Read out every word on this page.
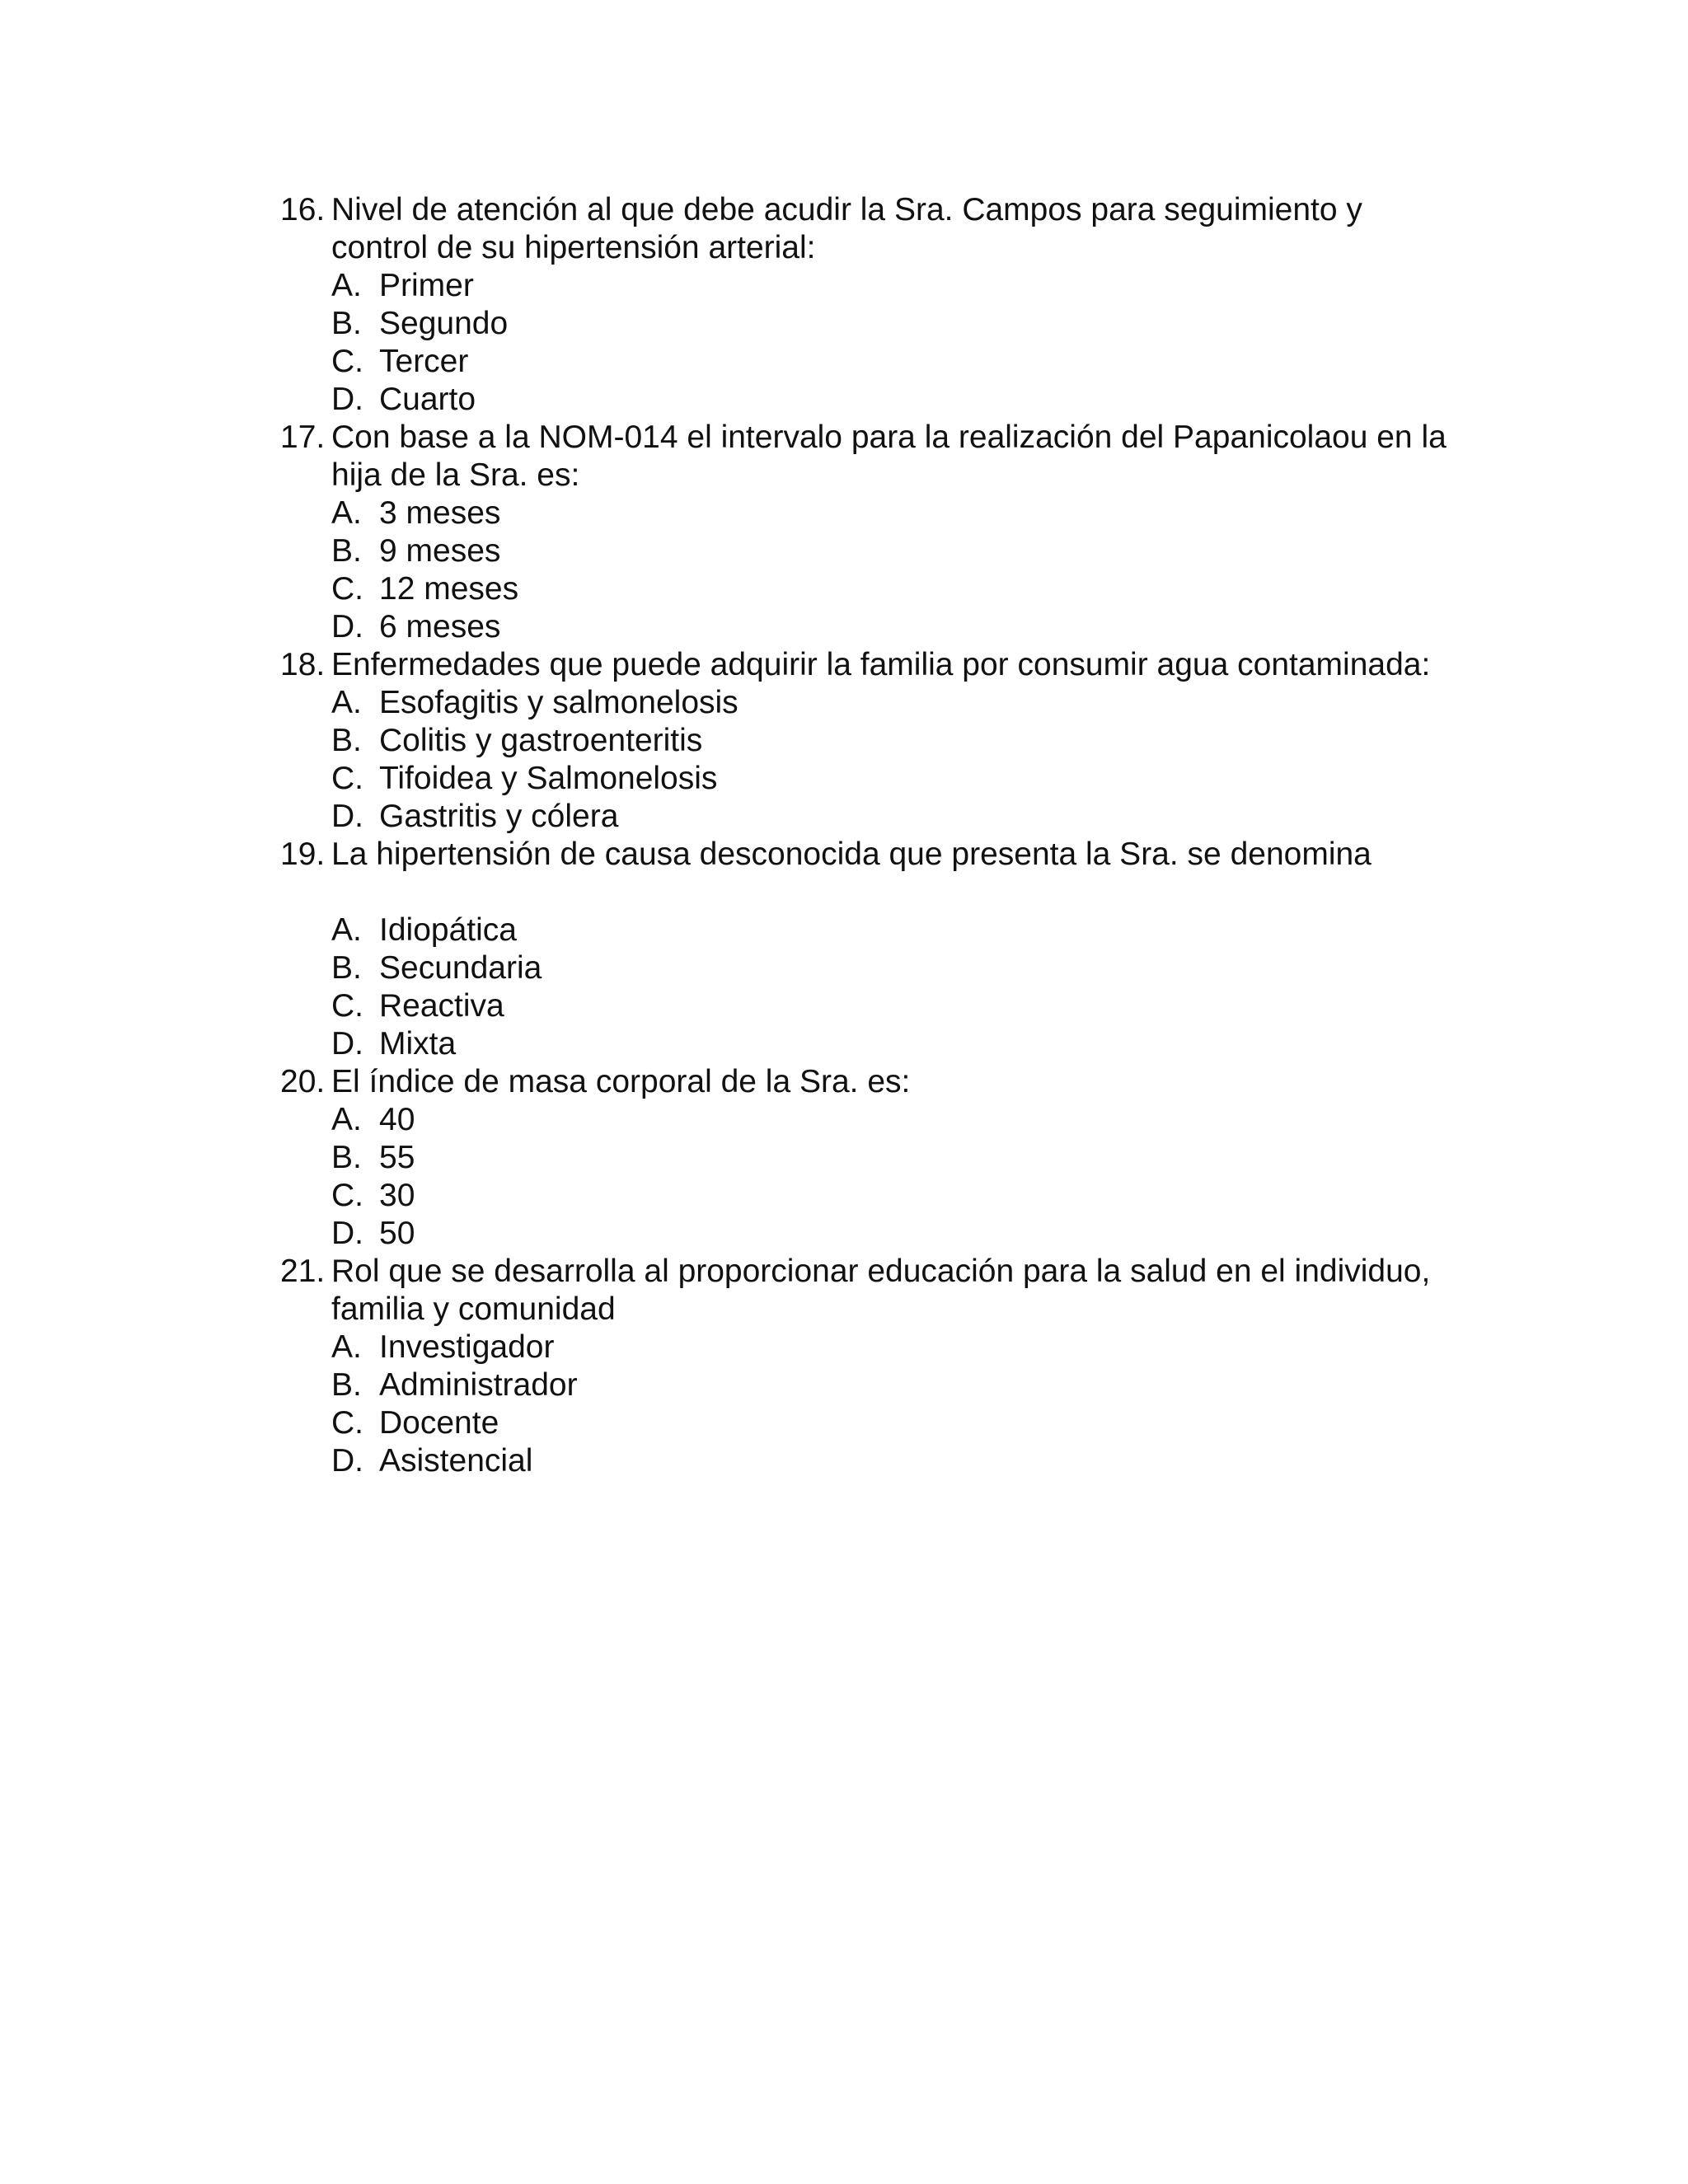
16. Nivel de atención al que debe acudir la Sra. Campos para seguimiento y control de su hipertensión arterial:
A. Primer
B. Segundo
C. Tercer
D. Cuarto
17. Con base a la NOM-014 el intervalo para la realización del Papanicolaou en la hija de la Sra. es:
A. 3 meses
B. 9 meses
C. 12 meses
D. 6 meses
18. Enfermedades que puede adquirir la familia por consumir agua contaminada:
A. Esofagitis y salmonelosis
B. Colitis y gastroenteritis
C. Tifoidea y Salmonelosis
D. Gastritis y cólera
19. La hipertensión de causa desconocida que presenta la Sra. se denomina
A. Idiopática
B. Secundaria
C. Reactiva
D. Mixta
20. El índice de masa corporal de la Sra. es:
A. 40
B. 55
C. 30
D. 50
21. Rol que se desarrolla al proporcionar educación para la salud en el individuo, familia y comunidad
A. Investigador
B. Administrador
C. Docente
D. Asistencial
